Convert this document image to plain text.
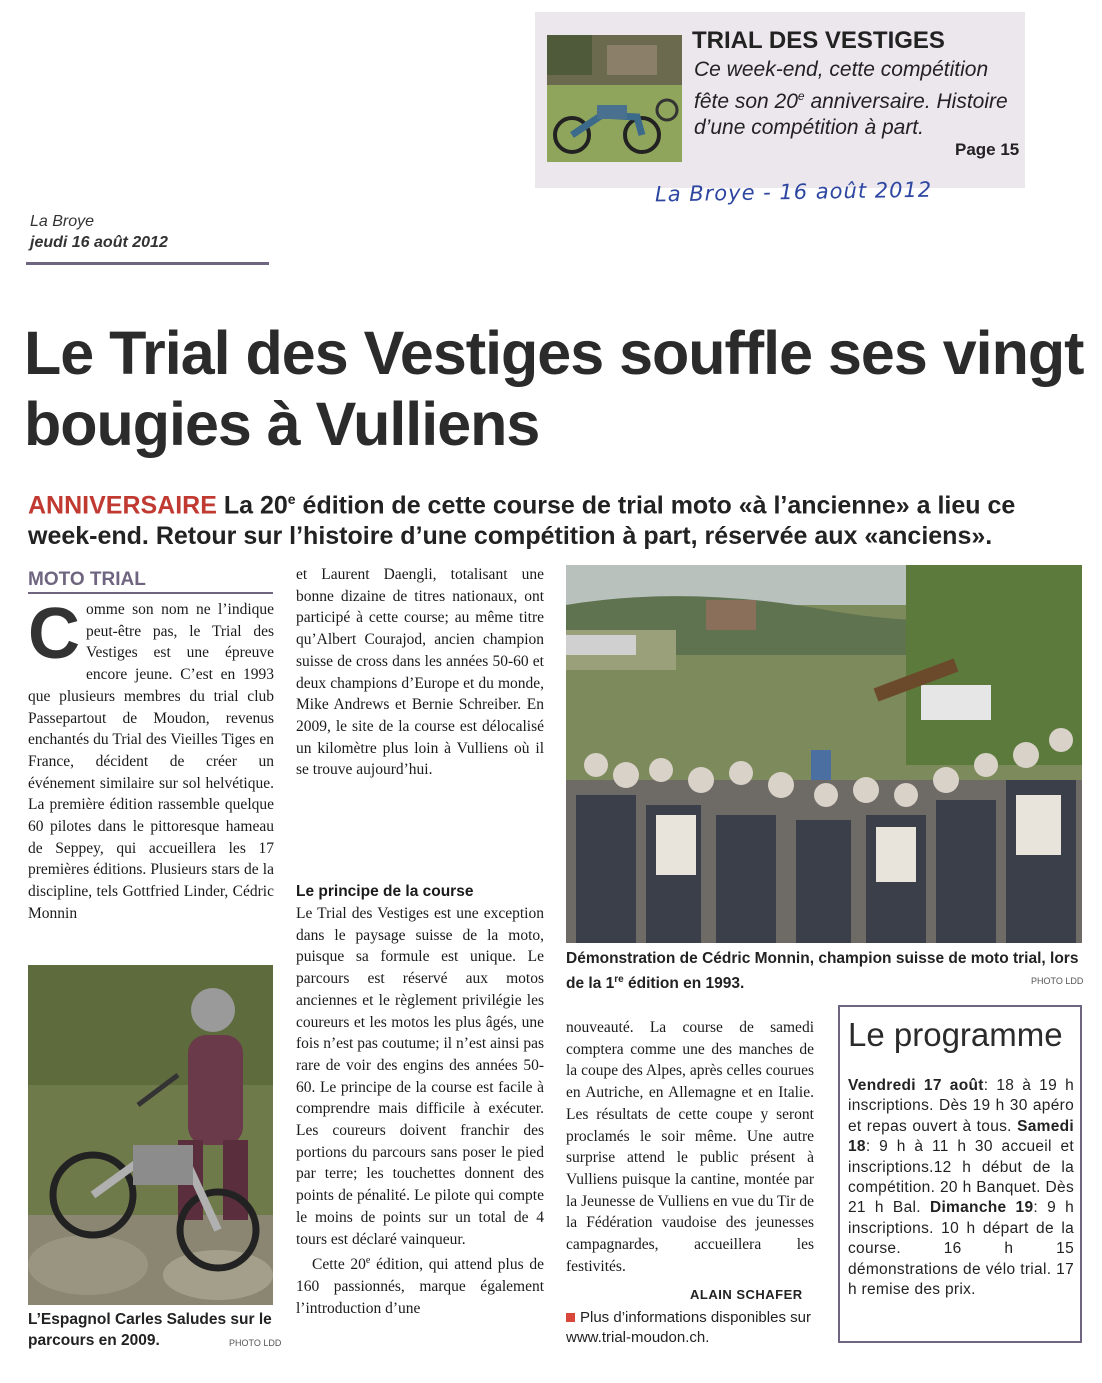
TRIAL DES VESTIGES
Ce week-end, cette compétition fête son 20e anniversaire. Histoire d’une compétition à part.
Page 15
La Broye - 16 août 2012
La Broye
jeudi 16 août 2012
Le Trial des Vestiges souffle ses vingt bougies à Vulliens
ANNIVERSAIRE La 20e édition de cette course de trial moto «à l’ancienne» a lieu ce week-end. Retour sur l’histoire d’une compétition à part, réservée aux «anciens».
MOTO TRIAL
Comme son nom ne l’indique peut-être pas, le Trial des Vestiges est une épreuve encore jeune. C’est en 1993 que plusieurs membres du trial club Passepartout de Moudon, revenus enchantés du Trial des Vieilles Tiges en France, décident de créer un événement similaire sur sol helvétique. La première édition rassemble quelque 60 pilotes dans le pittoresque hameau de Seppey, qui accueillera les 17 premières éditions. Plusieurs stars de la discipline, tels Gottfried Linder, Cédric Monnin
L’Espagnol Carles Saludes sur le parcours en 2009.	PHOTO LDD
et Laurent Daengli, totalisant une bonne dizaine de titres nationaux, ont participé à cette course; au même titre qu’Albert Courajod, ancien champion suisse de cross dans les années 50-60 et deux champions d’Europe et du monde, Mike Andrews et Bernie Schreiber. En 2009, le site de la course est délocalisé un kilomètre plus loin à Vulliens où il se trouve aujourd’hui.
Le principe de la course

Le Trial des Vestiges est une exception dans le paysage suisse de la moto, puisque sa formule est unique. Le parcours est réservé aux motos anciennes et le règlement privilégie les coureurs et les motos les plus âgés, une fois n’est pas coutume; il n’est ainsi pas rare de voir des engins des années 50-60. Le principe de la course est facile à comprendre mais difficile à exécuter. Les coureurs doivent franchir des portions du parcours sans poser le pied par terre; les touchettes donnent des points de pénalité. Le pilote qui compte le moins de points sur un total de 4 tours est déclaré vainqueur.

Cette 20e édition, qui attend plus de 160 passionnés, marque également l’introduction d’une

Démonstration de Cédric Monnin, champion suisse de moto trial, lors de la 1re édition en 1993.	PHOTO LDD
nouveauté. La course de samedi comptera comme une des manches de la coupe des Alpes, après celles courues en Autriche, en Allemagne et en Italie. Les résultats de cette coupe y seront proclamés le soir même. Une autre surprise attend le public présent à Vulliens puisque la cantine, montée par la Jeunesse de Vulliens en vue du Tir de la Fédération vaudoise des jeunesses campagnardes, accueillera les festivités.
ALAIN SCHAFER
Plus d’informations disponibles sur www.trial-moudon.ch.
Le programme
Vendredi 17 août: 18 à 19 h inscriptions. Dès 19 h 30 apéro et repas ouvert à tous. Samedi 18: 9 h à 11 h 30 accueil et inscriptions.12 h début de la compétition. 20 h Banquet. Dès 21 h Bal. Dimanche 19: 9 h inscriptions. 10 h départ de la course. 16 h 15 démonstrations de vélo trial. 17 h remise des prix.
